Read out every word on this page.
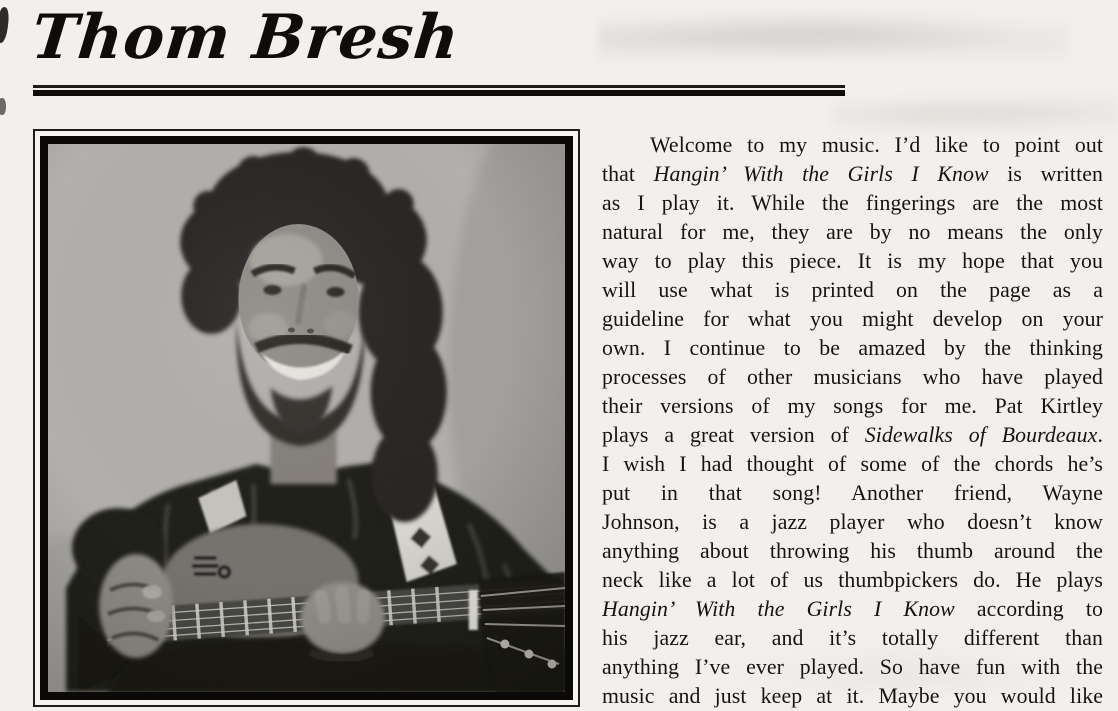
Thom Bresh
Welcome to my music. I’d like to point out
that Hangin’ With the Girls I Know is written
as I play it. While the fingerings are the most
natural for me, they are by no means the only
way to play this piece. It is my hope that you
will use what is printed on the page as a
guideline for what you might develop on your
own. I continue to be amazed by the thinking
processes of other musicians who have played
their versions of my songs for me. Pat Kirtley
plays a great version of Sidewalks of Bourdeaux.
I wish I had thought of some of the chords he’s
put in that song! Another friend, Wayne
Johnson, is a jazz player who doesn’t know
anything about throwing his thumb around the
neck like a lot of us thumbpickers do. He plays
Hangin’ With the Girls I Know according to
his jazz ear, and it’s totally different than
anything I’ve ever played. So have fun with the
music and just keep at it. Maybe you would like
